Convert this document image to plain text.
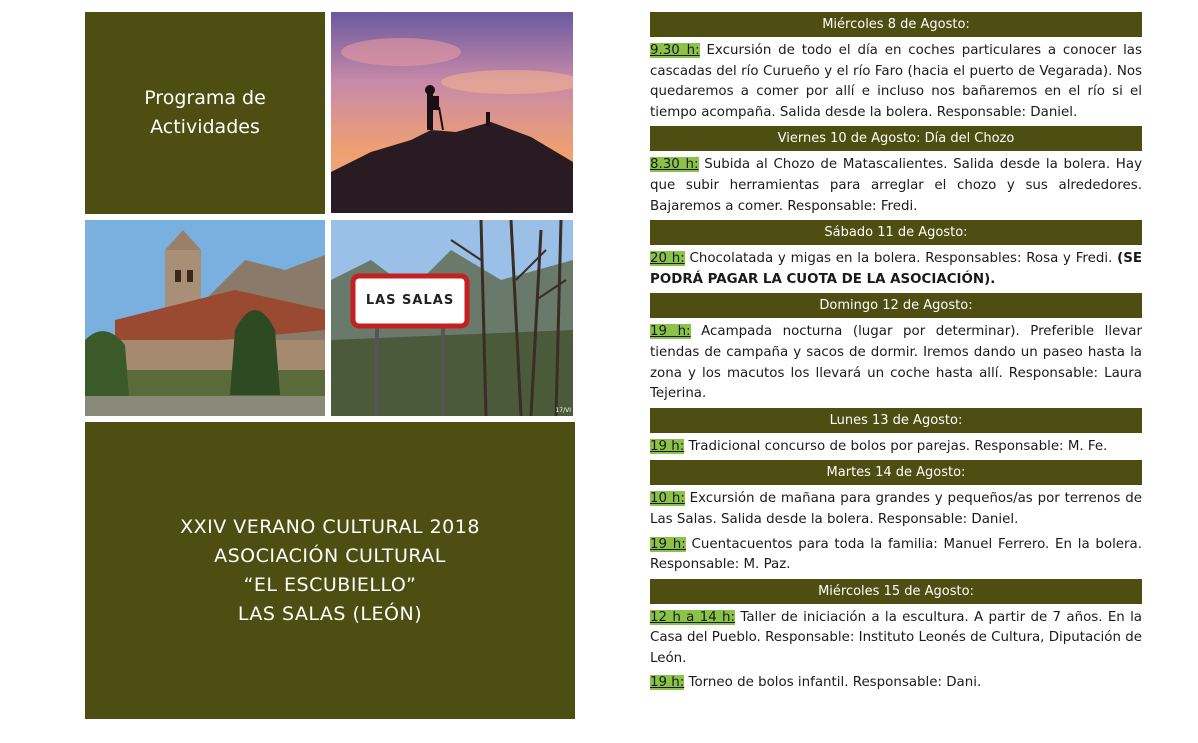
Programa de
Actividades
LAS SALAS
17/VI
XXIV VERANO CULTURAL 2018
ASOCIACIÓN CULTURAL
“EL ESCUBIELLO”
LAS SALAS (LEÓN)
Miércoles 8 de Agosto:

9.30 h: Excursión de todo el día en coches particulares a conocer las cascadas del río Curueño y el río Faro (hacia el puerto de Vegarada). Nos quedaremos a comer por allí e incluso nos bañaremos en el río si el tiempo acompaña. Salida desde la bolera. Responsable: Daniel.

Viernes 10 de Agosto: Día del Chozo

8.30 h: Subida al Chozo de Matascalientes. Salida desde la bolera. Hay que subir herramientas para arreglar el chozo y sus alrededores. Bajaremos a comer. Responsable: Fredi.

Sábado 11 de Agosto:

20 h: Chocolatada y migas en la bolera. Responsables: Rosa y Fredi. (SE PODRÁ PAGAR LA CUOTA DE LA ASOCIACIÓN).

Domingo 12 de Agosto:

19 h: Acampada nocturna (lugar por determinar). Preferible llevar tiendas de campaña y sacos de dormir. Iremos dando un paseo hasta la zona y los macutos los llevará un coche hasta allí. Responsable: Laura Tejerina.

Lunes 13 de Agosto:

19 h: Tradicional concurso de bolos por parejas. Responsable: M. Fe.

Martes 14 de Agosto:

10 h: Excursión de mañana para grandes y pequeños/as por terrenos de Las Salas. Salida desde la bolera. Responsable: Daniel.

19 h: Cuentacuentos para toda la familia: Manuel Ferrero. En la bolera. Responsable: M. Paz.

Miércoles 15 de Agosto:

12 h a 14 h: Taller de iniciación a la escultura. A partir de 7 años. En la Casa del Pueblo. Responsable: Instituto Leonés de Cultura, Diputación de León.

19 h: Torneo de bolos infantil. Responsable: Dani.
